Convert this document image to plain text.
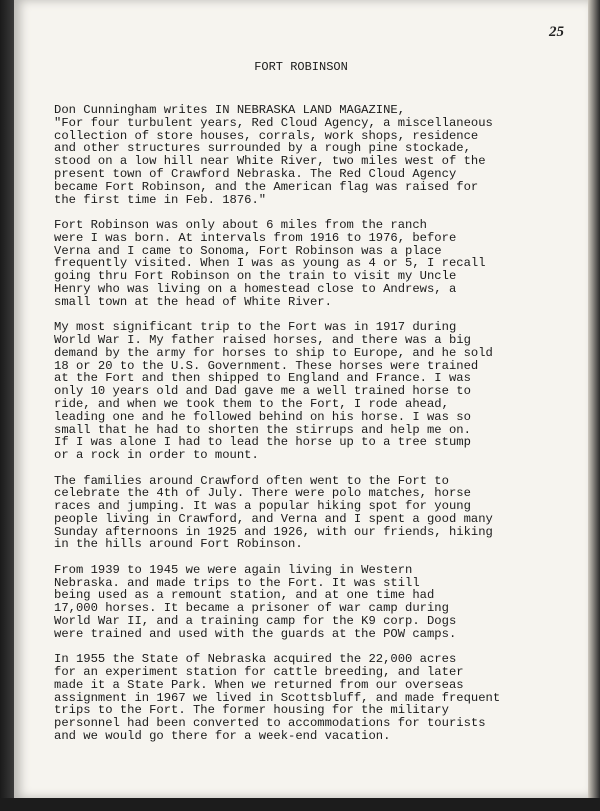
25
FORT ROBINSON

Don Cunningham writes IN NEBRASKA LAND MAGAZINE,
"For four turbulent years, Red Cloud Agency, a miscellaneous
collection of store houses, corrals, work shops, residence
and other structures surrounded by a rough pine stockade,
stood on a low hill near White River, two miles west of the
present town of Crawford Nebraska. The Red Cloud Agency
became Fort Robinson, and the American flag was raised for
the first time in Feb. 1876."

Fort Robinson was only about 6 miles from the ranch
were I was born. At intervals from 1916 to 1976, before
Verna and I came to Sonoma, Fort Robinson was a place
frequently visited. When I was as young as 4 or 5, I recall
going thru Fort Robinson on the train to visit my Uncle
Henry who was living on a homestead close to Andrews, a
small town at the head of White River.

My most significant trip to the Fort was in 1917 during
World War I. My father raised horses, and there was a big
demand by the army for horses to ship to Europe, and he sold
18 or 20 to the U.S. Government. These horses were trained
at the Fort and then shipped to England and France. I was
only 10 years old and Dad gave me a well trained horse to
ride, and when we took them to the Fort, I rode ahead,
leading one and he followed behind on his horse. I was so
small that he had to shorten the stirrups and help me on.
If I was alone I had to lead the horse up to a tree stump
or a rock in order to mount.

The families around Crawford often went to the Fort to
celebrate the 4th of July. There were polo matches, horse
races and jumping. It was a popular hiking spot for young
people living in Crawford, and Verna and I spent a good many
Sunday afternoons in 1925 and 1926, with our friends, hiking
in the hills around Fort Robinson.

From 1939 to 1945 we were again living in Western
Nebraska. and made trips to the Fort. It was still
being used as a remount station, and at one time had
17,000 horses. It became a prisoner of war camp during
World War II, and a training camp for the K9 corp. Dogs
were trained and used with the guards at the POW camps.

In 1955 the State of Nebraska acquired the 22,000 acres
for an experiment station for cattle breeding, and later
made it a State Park. When we returned from our overseas
assignment in 1967 we lived in Scottsbluff, and made frequent
trips to the Fort. The former housing for the military
personnel had been converted to accommodations for tourists
and we would go there for a week-end vacation.
